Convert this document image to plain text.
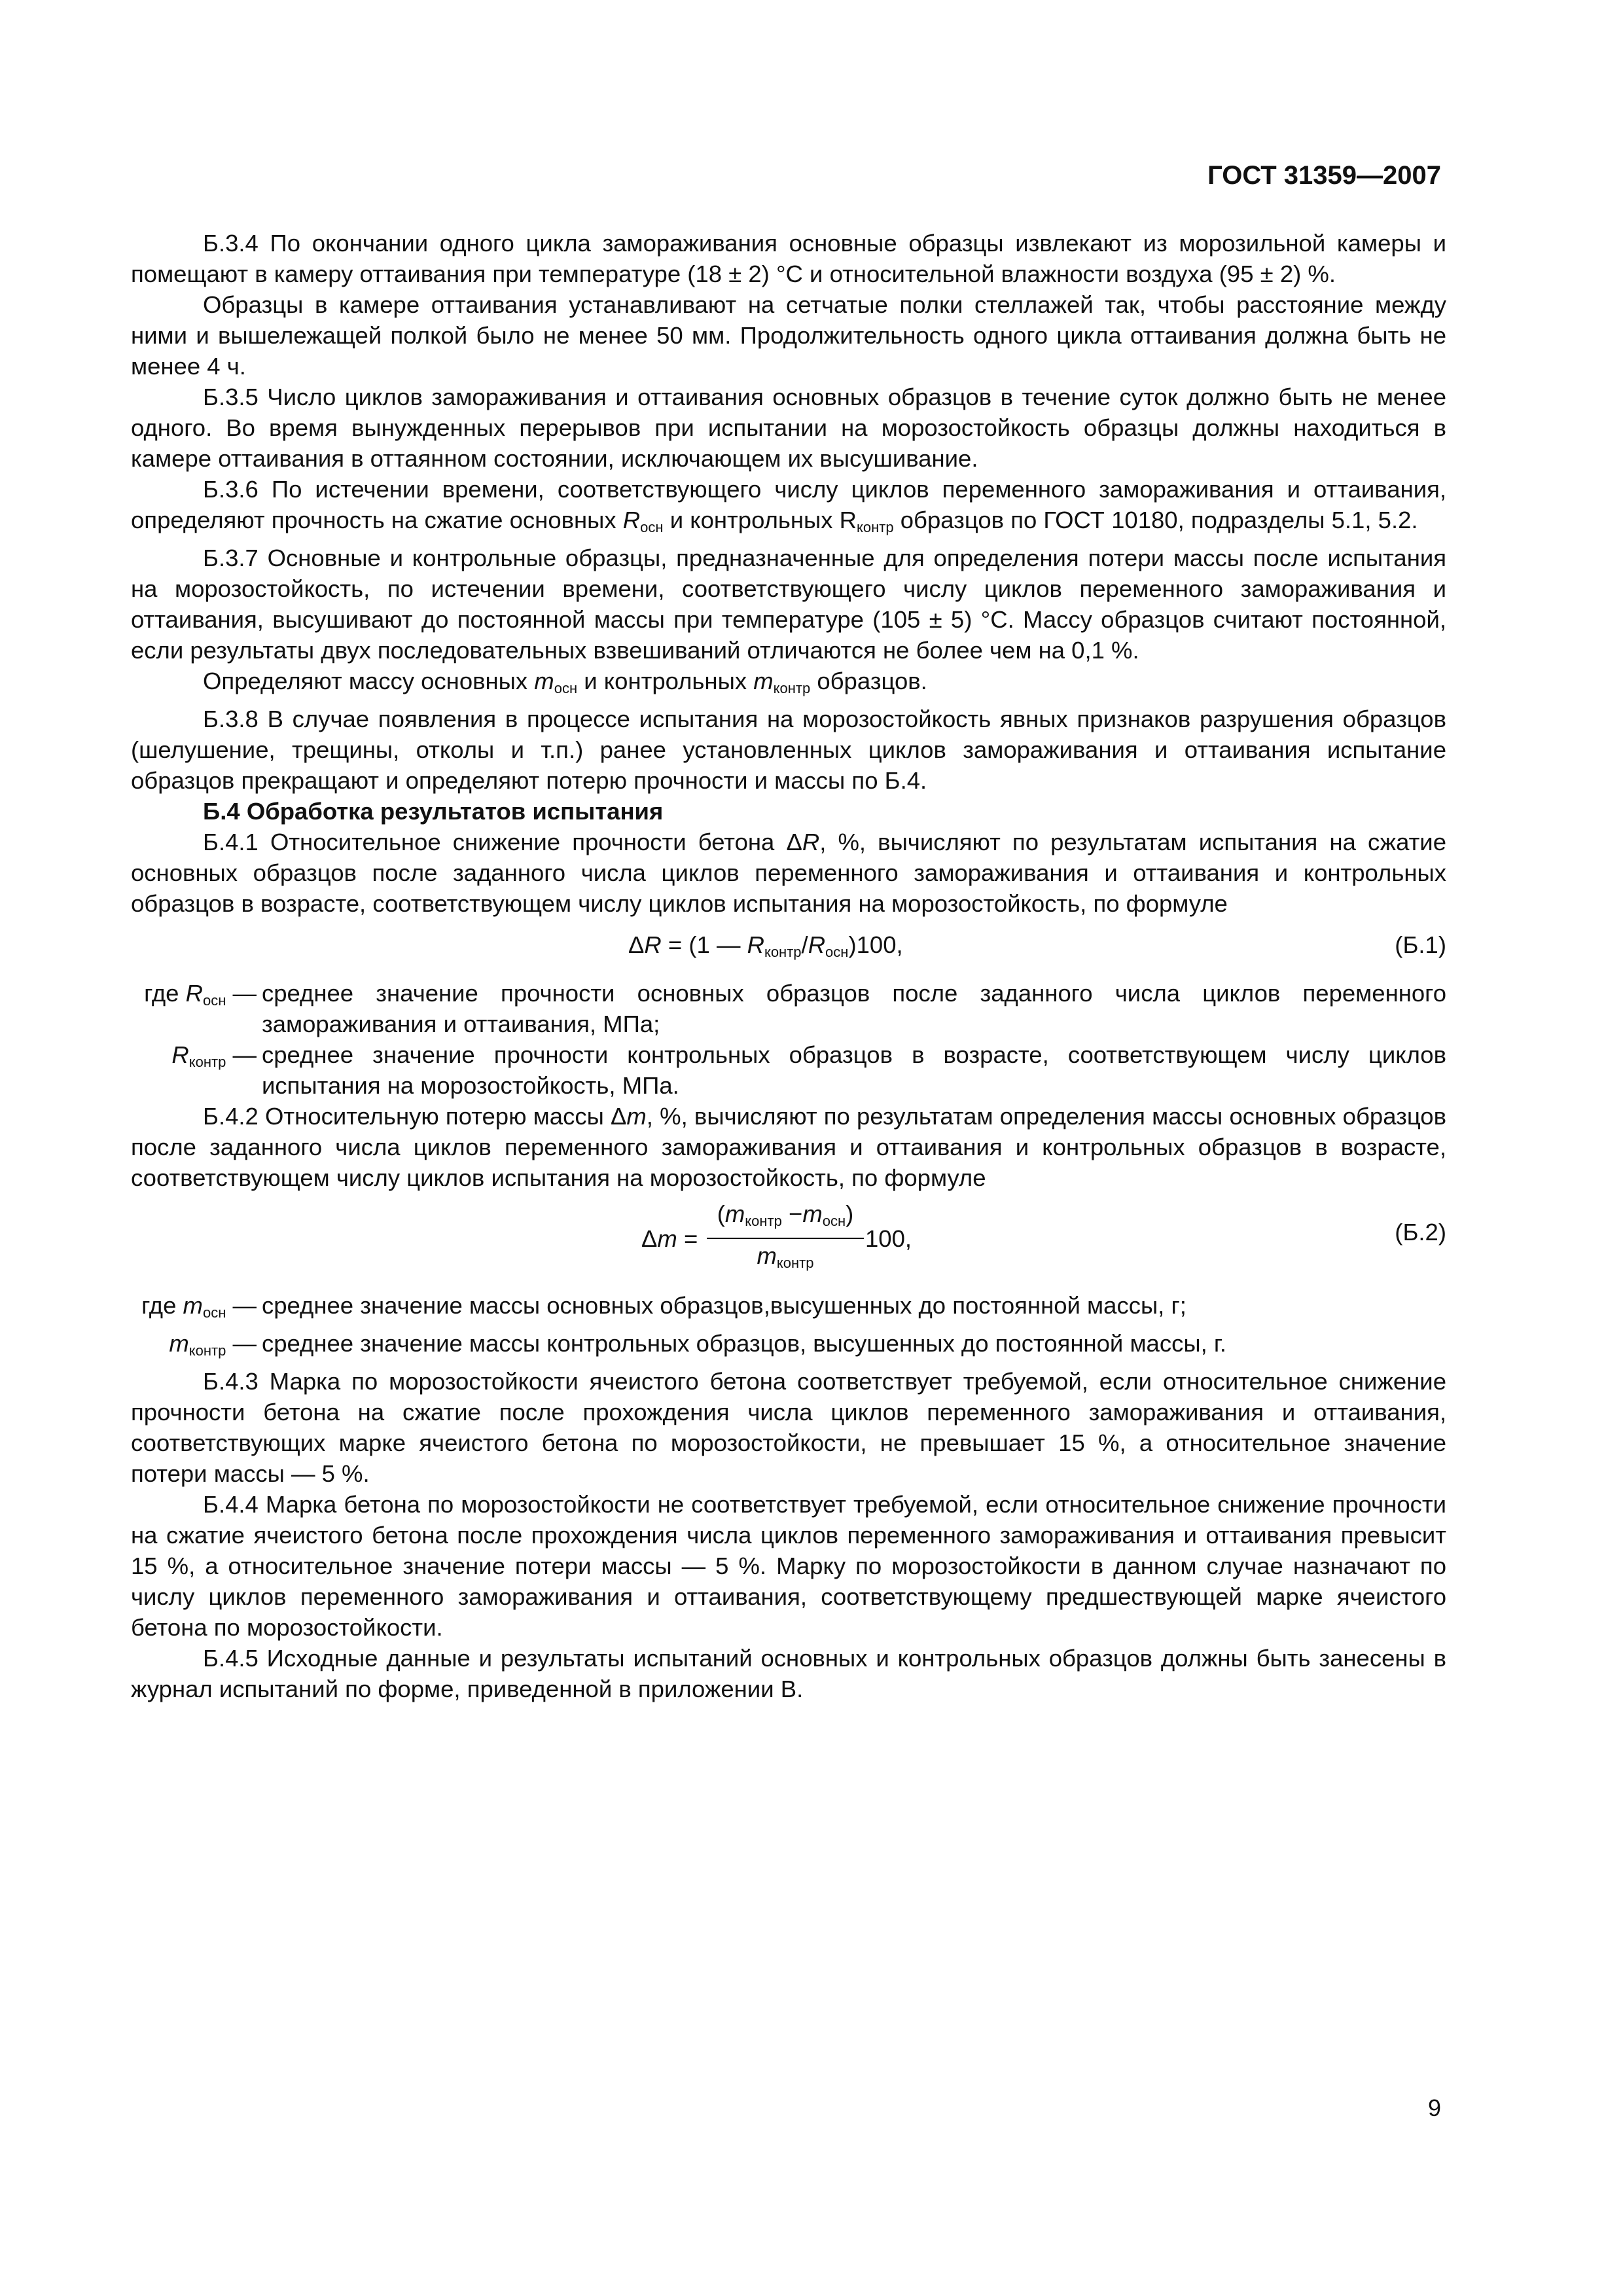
ГОСТ 31359—2007

Б.3.4 По окончании одного цикла замораживания основные образцы извлекают из морозильной камеры и помещают в камеру оттаивания при температуре (18 ± 2) °С и относительной влажности воздуха (95 ± 2) %.

Образцы в камере оттаивания устанавливают на сетчатые полки стеллажей так, чтобы расстояние между ними и вышележащей полкой было не менее 50 мм. Продолжительность одного цикла оттаивания должна быть не менее 4 ч.

Б.3.5 Число циклов замораживания и оттаивания основных образцов в течение суток должно быть не менее одного. Во время вынужденных перерывов при испытании на морозостойкость образцы должны находиться в камере оттаивания в оттаянном состоянии, исключающем их высушивание.

Б.3.6 По истечении времени, соответствующего числу циклов переменного замораживания и оттаивания, определяют прочность на сжатие основных $R_{осн}$ и контрольных $R_{контр}$ образцов по ГОСТ 10180, подразделы 5.1, 5.2.

Б.3.7 Основные и контрольные образцы, предназначенные для определения потери массы после испытания на морозостойкость, по истечении времени, соответствующего числу циклов переменного замораживания и оттаивания, высушивают до постоянной массы при температуре (105 ± 5) °С. Массу образцов считают постоянной, если результаты двух последовательных взвешиваний отличаются не более чем на 0,1 %.

Определяют массу основных $m_{осн}$ и контрольных $m_{контр}$ образцов.

Б.3.8 В случае появления в процессе испытания на морозостойкость явных признаков разрушения образцов (шелушение, трещины, отколы и т.п.) ранее установленных циклов замораживания и оттаивания испытание образцов прекращают и определяют потерю прочности и массы по Б.4.

Б.4 Обработка результатов испытания

Б.4.1 Относительное снижение прочности бетона ΔR, %, вычисляют по результатам испытания на сжатие основных образцов после заданного числа циклов переменного замораживания и оттаивания и контрольных образцов в возрасте, соответствующем числу циклов испытания на морозостойкость, по формуле

ΔR = (1 — $R_{контр}/R_{осн})100$,	(Б.1)
где $R_{осн}$ — среднее значение прочности основных образцов после заданного числа циклов переменного замораживания и оттаивания, МПа;
$R_{контр}$ — среднее значение прочности контрольных образцов в возрасте, соответствующем числу циклов испытания на морозостойкость, МПа.

Б.4.2 Относительную потерю массы Δm, %, вычисляют по результатам определения массы основных образцов после заданного числа циклов переменного замораживания и оттаивания и контрольных образцов в возрасте, соответствующем числу циклов испытания на морозостойкость, по формуле

Δm =
$(m_{контр} -m_{осн})$
$m_{контр}$
100,	(Б.2)
где $m_{осн}$ — среднее значение массы основных образцов,высушенных до постоянной массы, г;
$m_{контр}$ — среднее значение массы контрольных образцов, высушенных до постоянной массы, г.

Б.4.3 Марка по морозостойкости ячеистого бетона соответствует требуемой, если относительное снижение прочности бетона на сжатие после прохождения числа циклов переменного замораживания и оттаивания, соответствующих марке ячеистого бетона по морозостойкости, не превышает 15 %, а относительное значение потери массы — 5 %.

Б.4.4 Марка бетона по морозостойкости не соответствует требуемой, если относительное снижение прочности на сжатие ячеистого бетона после прохождения числа циклов переменного замораживания и оттаивания превысит 15 %, а относительное значение потери массы — 5 %. Марку по морозостойкости в данном случае назначают по числу циклов переменного замораживания и оттаивания, соответствующему предшествующей марке ячеистого бетона по морозостойкости.

Б.4.5 Исходные данные и результаты испытаний основных и контрольных образцов должны быть занесены в журнал испытаний по форме, приведенной в приложении В.

9
